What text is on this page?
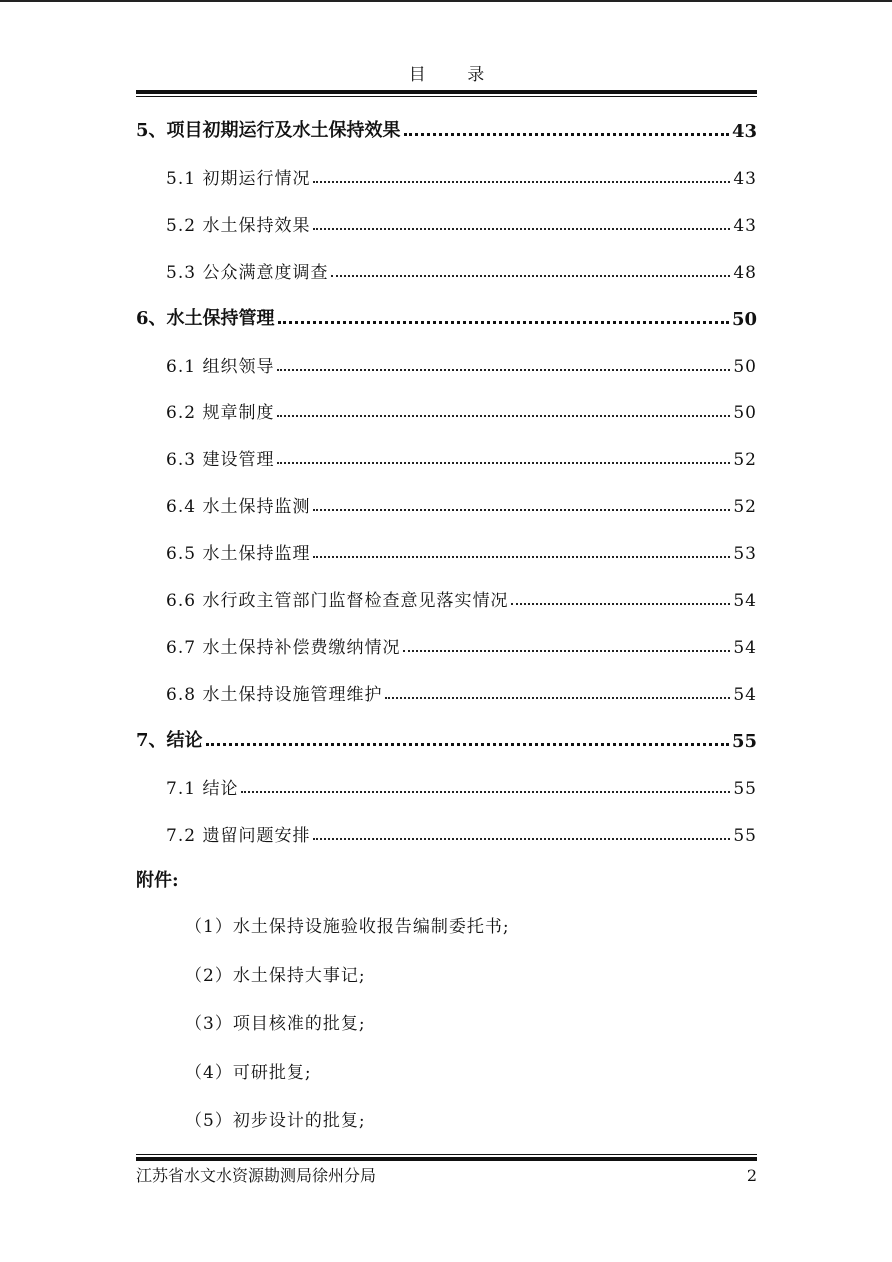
目 录
5、项目初期运行及水土保持效果	43
5.1 初期运行情况	43
5.2 水土保持效果	43
5.3 公众满意度调查	48
6、水土保持管理	50
6.1 组织领导	50
6.2 规章制度	50
6.3 建设管理	52
6.4 水土保持监测	52
6.5 水土保持监理	53
6.6 水行政主管部门监督检查意见落实情况	54
6.7 水土保持补偿费缴纳情况	54
6.8 水土保持设施管理维护	54
7、结论	55
7.1 结论	55
7.2 遗留问题安排	55
附件:
（1）水土保持设施验收报告编制委托书;
（2）水土保持大事记;
（3）项目核准的批复;
（4）可研批复;
（5）初步设计的批复;
江苏省水文水资源勘测局徐州分局	2
